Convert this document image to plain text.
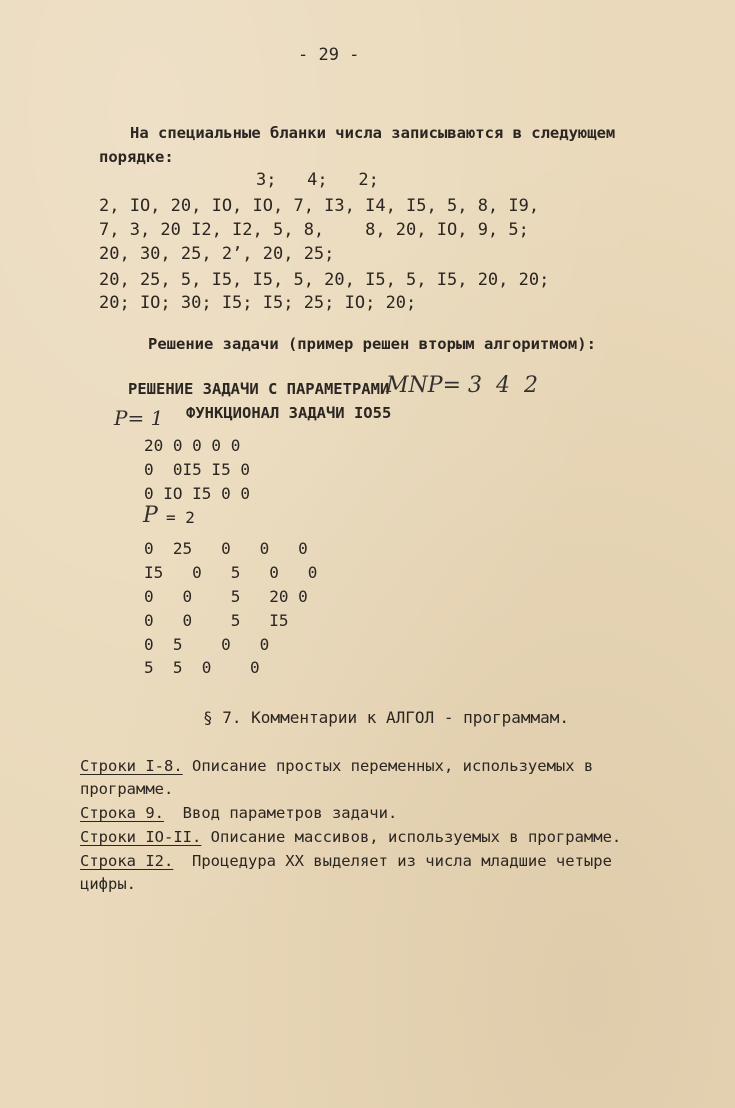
- 29 -
На специальные бланки числа записываются в следующем
порядке:
3;   4;   2;
2, IO, 20, IO, IO, 7, I3, I4, I5, 5, 8, I9,
7, 3, 20 I2, I2, 5, 8,    8, 20, IO, 9, 5;
20, 30, 25, 2ʼ, 20, 25;
20, 25, 5, I5, I5, 5, 20, I5, 5, I5, 20, 20;
20; IO; 30; I5; I5; 25; IO; 20;
Решение задачи (пример решен вторым алгоритмом):
РЕШЕНИЕ ЗАДАЧИ С ПАРАМЕТРАМИ
MNP= 3  4  2
P= 1 ФУНКЦИОНАЛ ЗАДАЧИ IO55
20 0 0 0 0
0  0I5 I5 0
0 IO I5 0 0
P = 2
0  25   0   0   0
I5   0   5   0   0
0   0    5   20 0
0   0    5   I5
0  5    0   0
5  5  0    0
§ 7. Комментарии к АЛГОЛ - программам.
Строки I-8. Описание простых переменных, используемых в
программе.
Строка 9.  Ввод параметров задачи.
Строки IO-II. Описание массивов, используемых в программе.
Строка I2.  Процедура XX выделяет из числа младшие четыре
цифры.
